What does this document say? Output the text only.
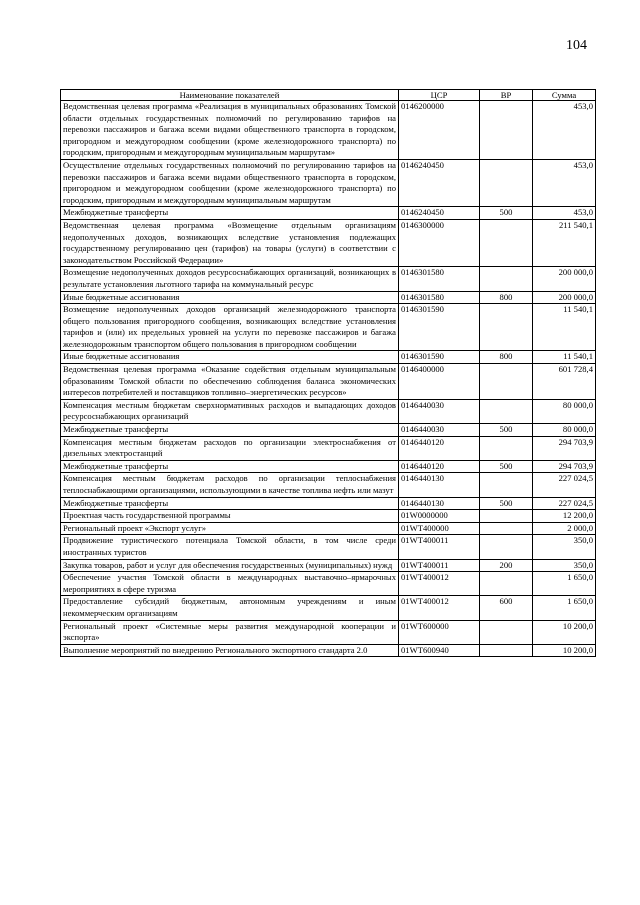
104
Наименование показателей	ЦСР	ВР	Сумма
Ведомственная целевая программа «Реализация в муниципальных образованиях Томской области отдельных государственных полномочий по регулированию тарифов на перевозки пассажиров и багажа всеми видами общественного транспорта в городском, пригородном и междугородном сообщении (кроме железнодорожного транспорта) по городским, пригородным и междугородным муниципальным маршрутам»	0146200000		453,0
Осуществление отдельных государственных полномочий по регулированию тарифов на перевозки пассажиров и багажа всеми видами общественного транспорта в городском, пригородном и междугородном сообщении (кроме железнодорожного транспорта) по городским, пригородным и междугородным муниципальным маршрутам	0146240450		453,0
Межбюджетные трансферты	0146240450	500	453,0
Ведомственная целевая программа «Возмещение отдельным организациям недополученных доходов, возникающих вследствие установления подлежащих государственному регулированию цен (тарифов) на товары (услуги) в соответствии с законодательством Российской Федерации»	0146300000		211 540,1
Возмещение недополученных доходов ресурсоснабжающих организаций, возникающих в результате установления льготного тарифа на коммунальный ресурс	0146301580		200 000,0
Иные бюджетные ассигнования	0146301580	800	200 000,0
Возмещение недополученных доходов организаций железнодорожного транспорта общего пользования пригородного сообщения, возникающих вследствие установления тарифов и (или) их предельных уровней на услуги по перевозке пассажиров и багажа железнодорожным транспортом общего пользования в пригородном сообщении	0146301590		11 540,1
Иные бюджетные ассигнования	0146301590	800	11 540,1
Ведомственная целевая программа «Оказание содействия отдельным муниципальным образованиям Томской области по обеспечению соблюдения баланса экономических интересов потребителей и поставщиков топливно–энергетических ресурсов»	0146400000		601 728,4
Компенсация местным бюджетам сверхнормативных расходов и выпадающих доходов ресурсоснабжающих организаций	0146440030		80 000,0
Межбюджетные трансферты	0146440030	500	80 000,0
Компенсация местным бюджетам расходов по организации электроснабжения от дизельных электростанций	0146440120		294 703,9
Межбюджетные трансферты	0146440120	500	294 703,9
Компенсация местным бюджетам расходов по организации теплоснабжения теплоснабжающими организациями, использующими в качестве топлива нефть или мазут	0146440130		227 024,5
Межбюджетные трансферты	0146440130	500	227 024,5
Проектная часть государственной программы	01W0000000		12 200,0
Региональный проект «Экспорт услуг»	01WT400000		2 000,0
Продвижение туристического потенциала Томской области, в том числе среди иностранных туристов	01WT400011		350,0
Закупка товаров, работ и услуг для обеспечения государственных (муниципальных) нужд	01WT400011	200	350,0
Обеспечение участия Томской области в международных выставочно–ярмарочных мероприятиях в сфере туризма	01WT400012		1 650,0
Предоставление субсидий бюджетным, автономным учреждениям и иным некоммерческим организациям	01WT400012	600	1 650,0
Региональный проект «Системные меры развития международной кооперации и экспорта»	01WT600000		10 200,0
Выполнение мероприятий по внедрению Регионального экспортного стандарта 2.0	01WT600940		10 200,0
